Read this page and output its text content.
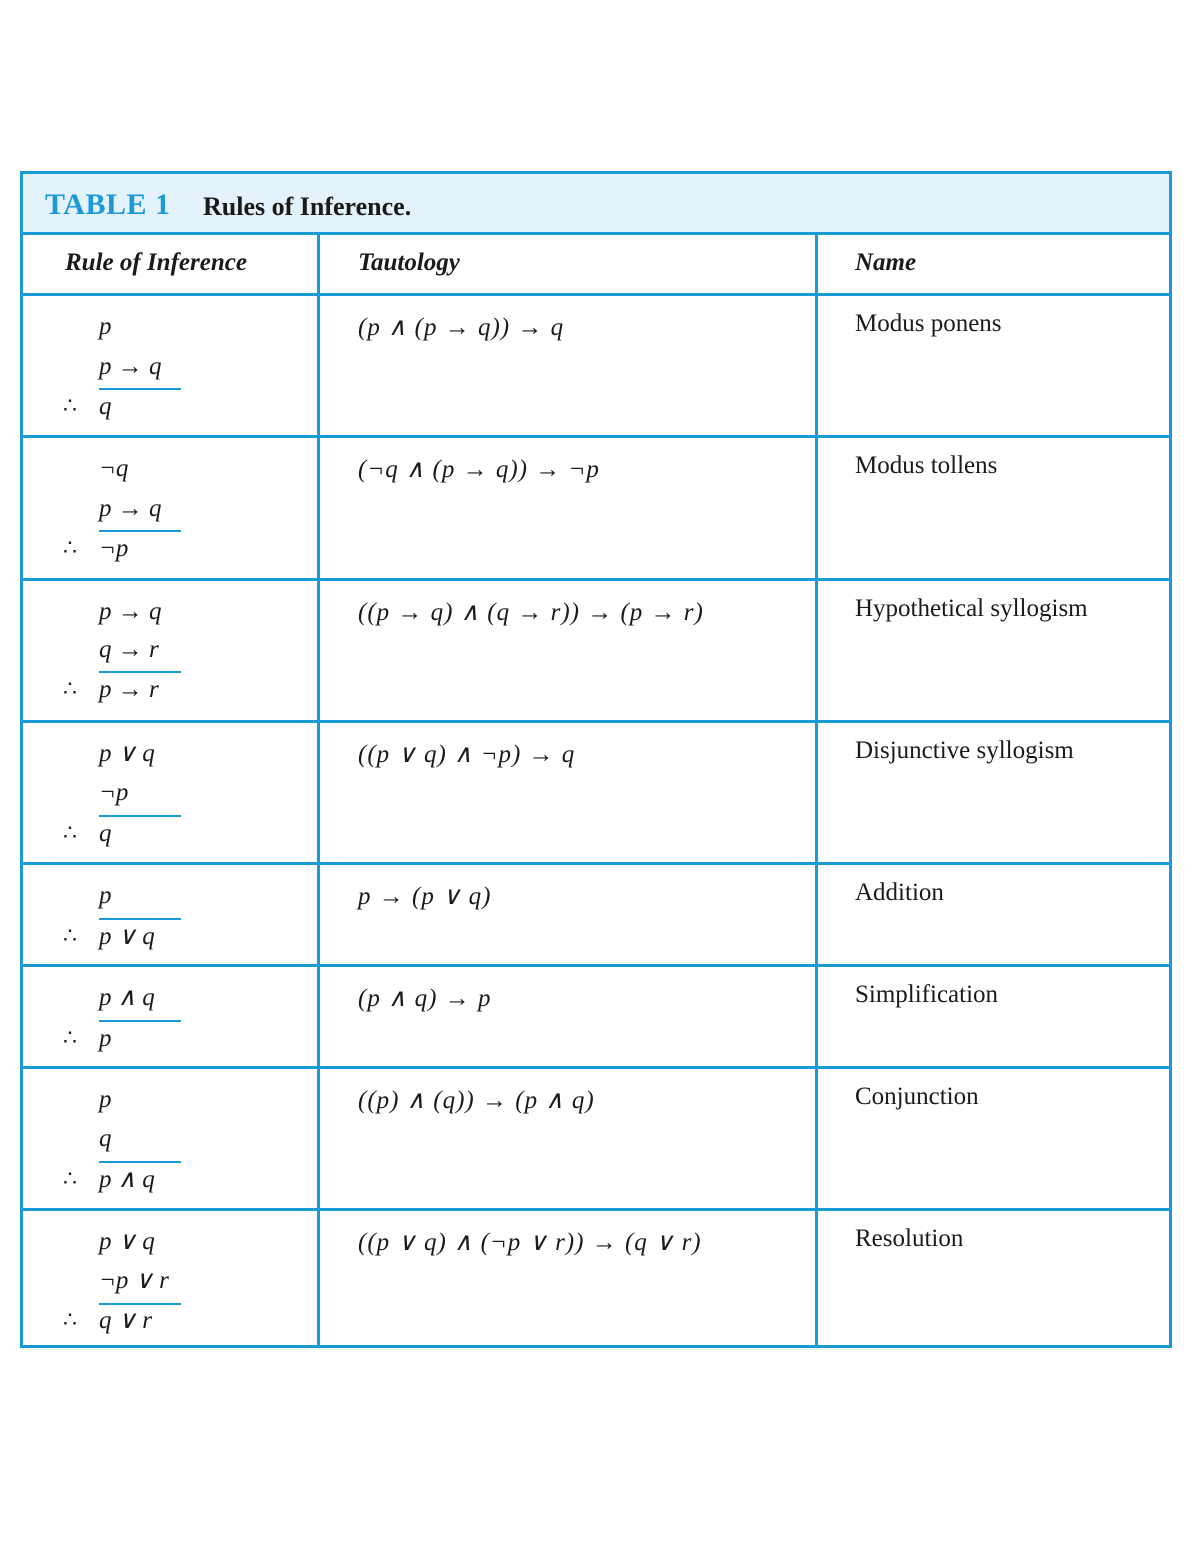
TABLE 1 Rules of Inference.
Rule of Inference	Tautology	Name
p
p → q
∴ q
(p ∧ (p → q)) → q	Modus ponens
¬q
p → q
∴ ¬p
(¬q ∧ (p → q)) → ¬p	Modus tollens
p → q
q → r
∴ p → r
((p → q) ∧ (q → r)) → (p → r)	Hypothetical syllogism
p ∨ q
¬p
∴ q
((p ∨ q) ∧ ¬p) → q	Disjunctive syllogism
p
∴ p ∨ q
p → (p ∨ q)	Addition
p ∧ q
∴ p
(p ∧ q) → p	Simplification
p
q
∴ p ∧ q
((p) ∧ (q)) → (p ∧ q)	Conjunction
p ∨ q
¬p ∨ r
∴ q ∨ r
((p ∨ q) ∧ (¬p ∨ r)) → (q ∨ r)	Resolution
